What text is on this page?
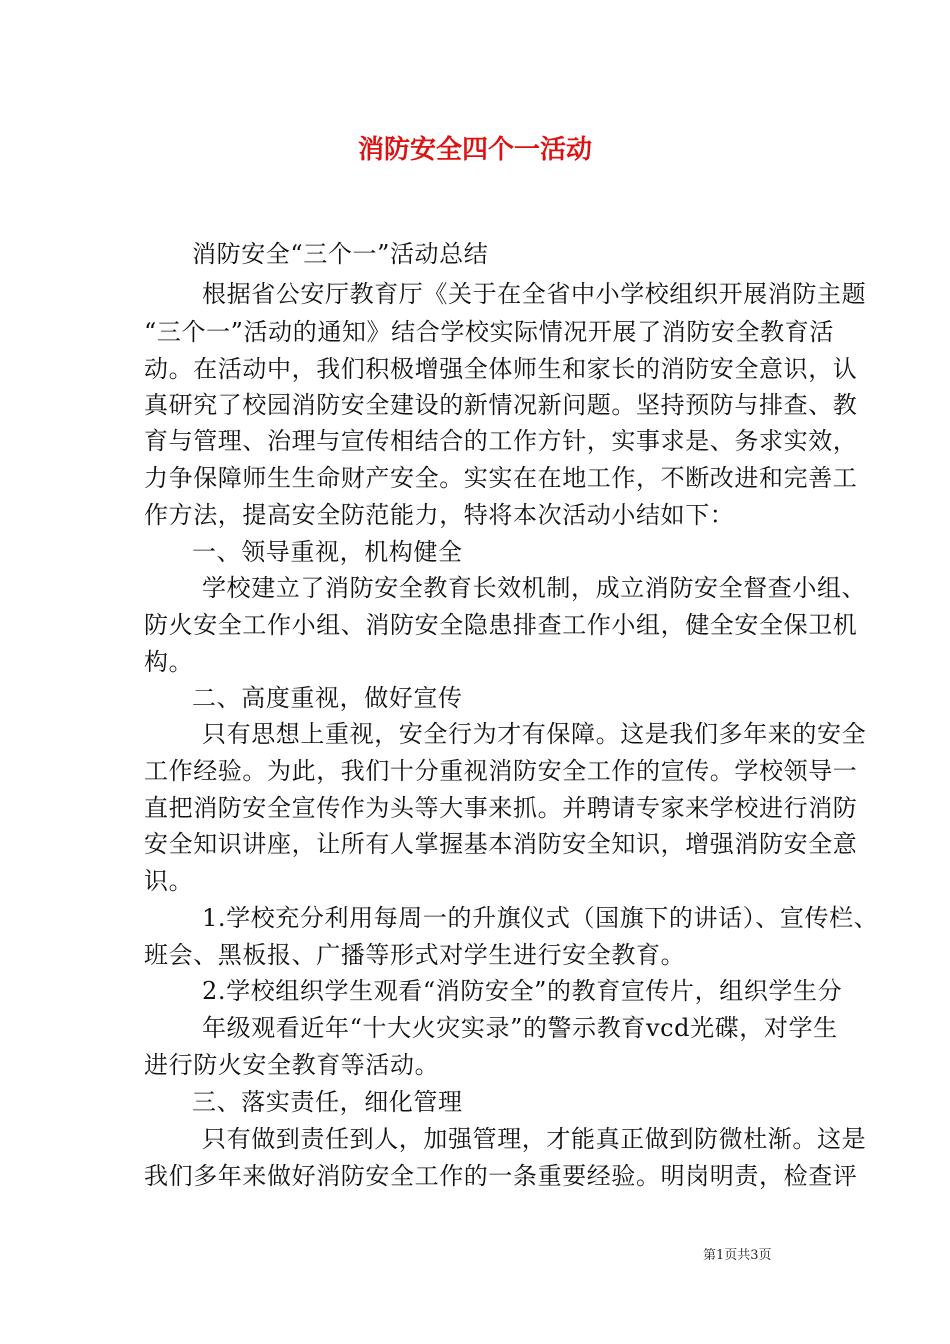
消防安全四个一活动
消防安全“三个一”活动总结
根据省公安厅教育厅《关于在全省中小学校组织开展消防主题
“三个一”活动的通知》结合学校实际情况开展了消防安全教育活
动。在活动中，我们积极增强全体师生和家长的消防安全意识，认
真研究了校园消防安全建设的新情况新问题。坚持预防与排查、教
育与管理、治理与宣传相结合的工作方针，实事求是、务求实效，
力争保障师生生命财产安全。实实在在地工作，不断改进和完善工
作方法，提高安全防范能力，特将本次活动小结如下：
一、领导重视，机构健全
学校建立了消防安全教育长效机制，成立消防安全督查小组、
防火安全工作小组、消防安全隐患排查工作小组，健全安全保卫机
构。
二、高度重视，做好宣传
只有思想上重视，安全行为才有保障。这是我们多年来的安全
工作经验。为此，我们十分重视消防安全工作的宣传。学校领导一
直把消防安全宣传作为头等大事来抓。并聘请专家来学校进行消防
安全知识讲座，让所有人掌握基本消防安全知识，增强消防安全意
识。
1.学校充分利用每周一的升旗仪式（国旗下的讲话）、宣传栏、
班会、黑板报、广播等形式对学生进行安全教育。
2.学校组织学生观看“消防安全”的教育宣传片，组织学生分
年级观看近年“十大火灾实录”的警示教育vcd光碟，对学生
进行防火安全教育等活动。
三、落实责任，细化管理
只有做到责任到人，加强管理，才能真正做到防微杜渐。这是
我们多年来做好消防安全工作的一条重要经验。明岗明责，检查评
第1页共3页
